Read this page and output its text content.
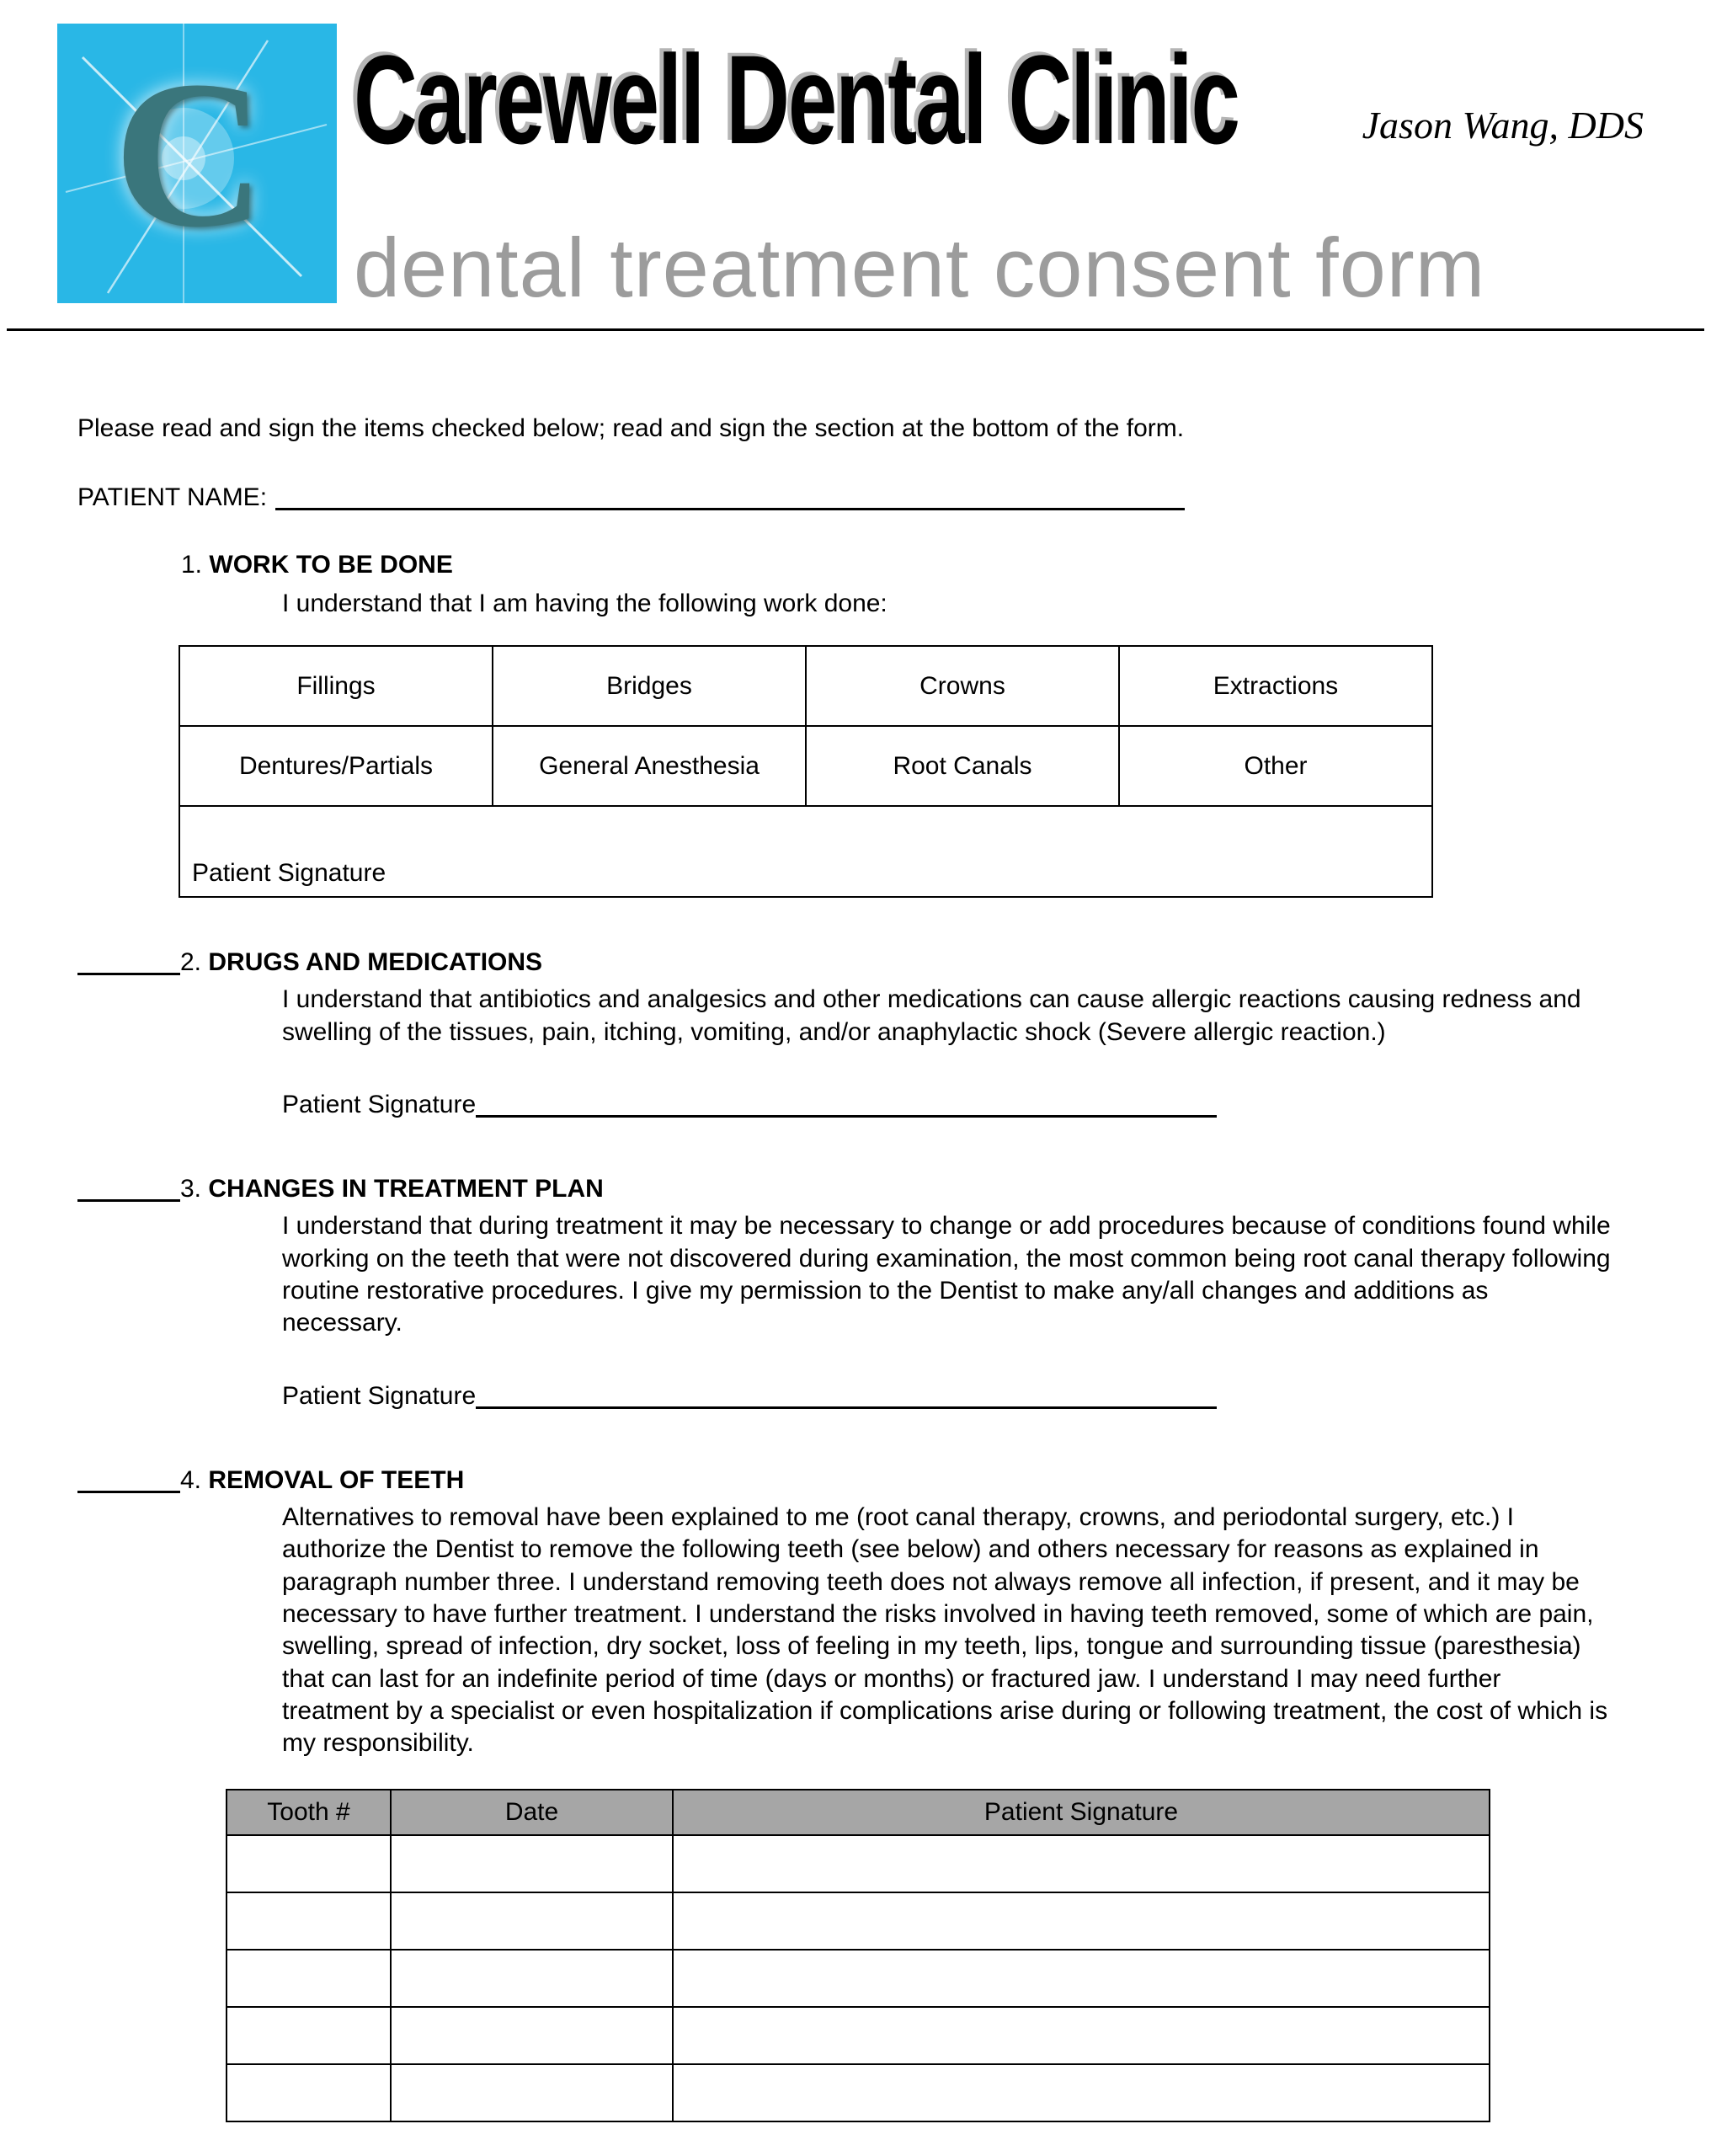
C Carewell Dental Clinic	Jason Wang, DDS
dental treatment consent form

Please read and sign the items checked below; read and sign the section at the bottom of the form.

PATIENT NAME:
1. WORK TO BE DONE

I understand that I am having the following work done:

Fillings	Bridges	Crowns	Extractions
Dentures/Partials	General Anesthesia	Root Canals	Other
Patient Signature			
2. DRUGS AND MEDICATIONS

I understand that antibiotics and analgesics and other medications can cause allergic reactions causing redness and swelling of the tissues, pain, itching, vomiting, and/or anaphylactic shock (Severe allergic reaction.)

Patient Signature
3. CHANGES IN TREATMENT PLAN

I understand that during treatment it may be necessary to change or add procedures because of conditions found while working on the teeth that were not discovered during examination, the most common being root canal therapy following routine restorative procedures. I give my permission to the Dentist to make any/all changes and additions as necessary.

Patient Signature
4. REMOVAL OF TEETH

Alternatives to removal have been explained to me (root canal therapy, crowns, and periodontal surgery, etc.) I authorize the Dentist to remove the following teeth (see below) and others necessary for reasons as explained in paragraph number three. I understand removing teeth does not always remove all infection, if present, and it may be necessary to have further treatment. I understand the risks involved in having teeth removed, some of which are pain, swelling, spread of infection, dry socket, loss of feeling in my teeth, lips, tongue and surrounding tissue (paresthesia) that can last for an indefinite period of time (days or months) or fractured jaw. I understand I may need further treatment by a specialist or even hospitalization if complications arise during or following treatment, the cost of which is my responsibility.

Tooth #	Date	Patient Signature
